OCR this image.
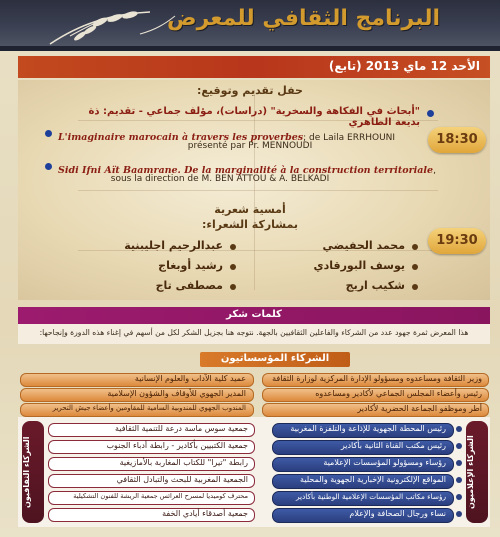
البرنامج الثقافي للمعرض
الأحد 12 ماي 2013 (تابع)
حفل تقديم وتوقيع:
"أبحاث في الفكاهة والسخرية" (دراسات)، مؤلف جماعي - تقديم: ذة بديعة الطاهري
L'imaginaire marocain à travers les proverbes; de Laila ERRHOUNI
présenté par Pr. MENNOUDI	18:30
Sidi Ifni Aït Baamrane. De la marginalité à la construction territoriale,
sous la direction de M. BEN ATTOU & A. BELKADI
أمسية شعرية
بمشاركة الشعراء:
19:30
محمد الحفيضي
يوسف البورقادي
شكيب اريج
عبدالرحيم اجليبنية
رشيد أوبغاج
مصطفى تاج
كلمات شكر
هذا المعرض ثمرة جهود عدد من الشركاء والفاعلين الثقافيين بالجهة. نتوجه هنا بجزيل الشكر لكل من أسهم في إغناء هذه الدورة وإنجاحها:
الشركاء المؤسساتيون
وزير الثقافة ومساعدوه ومسؤولو الإدارة المركزية لوزارة الثقافة
رئيس وأعضاء المجلس الجماعي لأكادير ومساعدوه
أطر وموظفو الجماعة الحضرية لأكادير
عميد كلية الآداب والعلوم الإنسانية
المدير الجهوي للأوقاف والشؤون الإسلامية
المندوب الجهوي للمندوبية السامية للمقاومين وأعضاء جيش التحرير
الشركاء الإعلاميون
رئيس المحطة الجهوية للإذاعة والتلفزة المغربية
رئيس مكتب القناة الثانية بأكادير
رؤساء ومسؤولو المؤسسات الإعلامية
المواقع الإلكترونية الإخبارية الجهوية والمحلية
رؤساء مكاتب المؤسسات الإعلامية الوطنية بأكادير
نساء ورجال الصحافة والإعلام
الشركاء الثقافيون
جمعية سوس ماسة درعة للتنمية الثقافية
جمعية الكتبيين بأكادير - رابطة أدباء الجنوب
رابطة "تيرا" للكتاب المغاربة بالأمازيغية
الجمعية المغربية للبحث والتبادل الثقافي
محترف كوميديا لمسرح العرائس جمعية الريشة للفنون التشكيلية
جمعية أصدقاء أيادي الخفة
